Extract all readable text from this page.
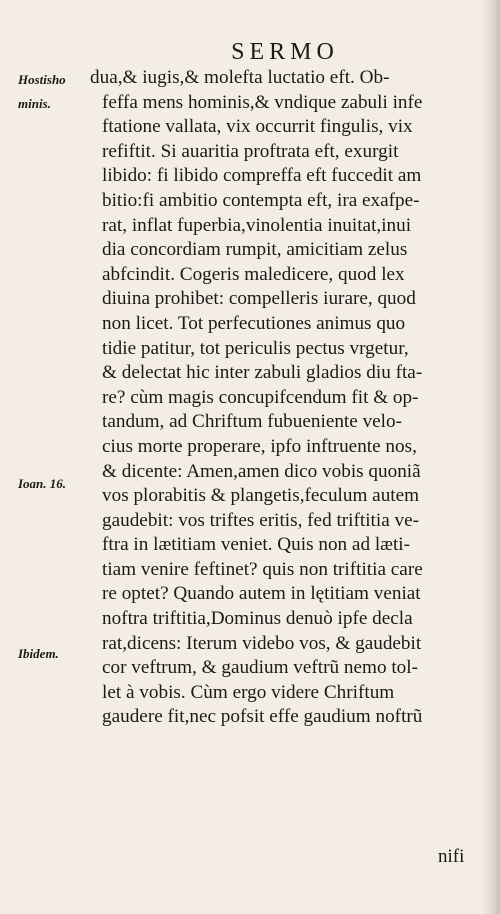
SERMO
Hostisho
minis.
Ioan. 16.
Ibidem.
dua,& iugis,& molefta luctatio eft. Ob-
feffa mens hominis,& vndique zabuli infe
ftatione vallata, vix occurrit fingulis, vix
refiftit. Si auaritia proftrata eft, exurgit
libido: fi libido compreffa eft fuccedit am
bitio:fi ambitio contempta eft, ira exafpe-
rat, inflat fuperbia,vinolentia inuitat,inui
dia concordiam rumpit, amicitiam zelus
abfcindit. Cogeris maledicere, quod lex
diuina prohibet: compelleris iurare, quod
non licet. Tot perfecutiones animus quo
tidie patitur, tot periculis pectus vrgetur,
& delectat hic inter zabuli gladios diu fta-
re? cùm magis concupifcendum fit & op-
tandum, ad Chriftum fubueniente velo-
cius morte properare, ipfo inftruente nos,
& dicente: Amen,amen dico vobis quoniã
vos plorabitis & plangetis,feculum autem
gaudebit: vos triftes eritis, fed triftitia ve-
ftra in lætitiam veniet. Quis non ad læti-
tiam venire feftinet? quis non triftitia care
re optet? Quando autem in lętitiam veniat
noftra triftitia,Dominus denuò ipfe decla
rat,dicens: Iterum videbo vos, & gaudebit
cor veftrum, & gaudium veftrũ nemo tol-
let à vobis. Cùm ergo videre Chriftum
gaudere fit,nec pofsit effe gaudium noftrũ
nifi
